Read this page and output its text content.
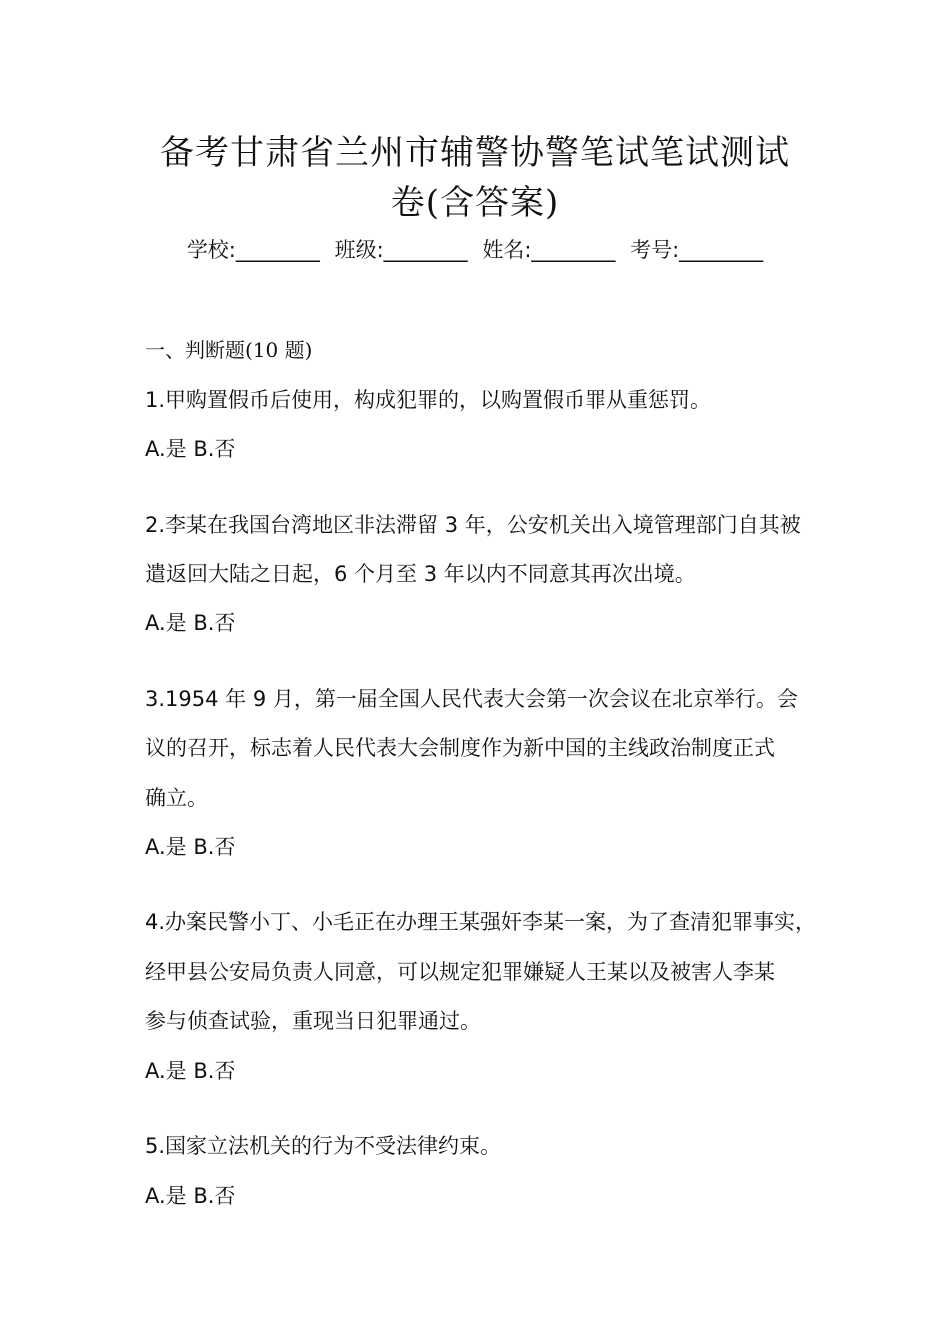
备考甘肃省兰州市辅警协警笔试笔试测试
卷(含答案)
学校:________ 班级:________ 姓名:________ 考号:________
一、判断题(10 题)
1.甲购置假币后使用，构成犯罪的，以购置假币罪从重惩罚。
A.是 B.否
2.李某在我国台湾地区非法滞留 3 年，公安机关出入境管理部门自其被
遣返回大陆之日起，6 个月至 3 年以内不同意其再次出境。
A.是 B.否
3.1954 年 9 月，第一届全国人民代表大会第一次会议在北京举行。会
议的召开，标志着人民代表大会制度作为新中国的主线政治制度正式
确立。
A.是 B.否
4.办案民警小丁、小毛正在办理王某强奸李某一案，为了查清犯罪事实，
经甲县公安局负责人同意，可以规定犯罪嫌疑人王某以及被害人李某
参与侦查试验，重现当日犯罪通过。
A.是 B.否
5.国家立法机关的行为不受法律约束。
A.是 B.否
